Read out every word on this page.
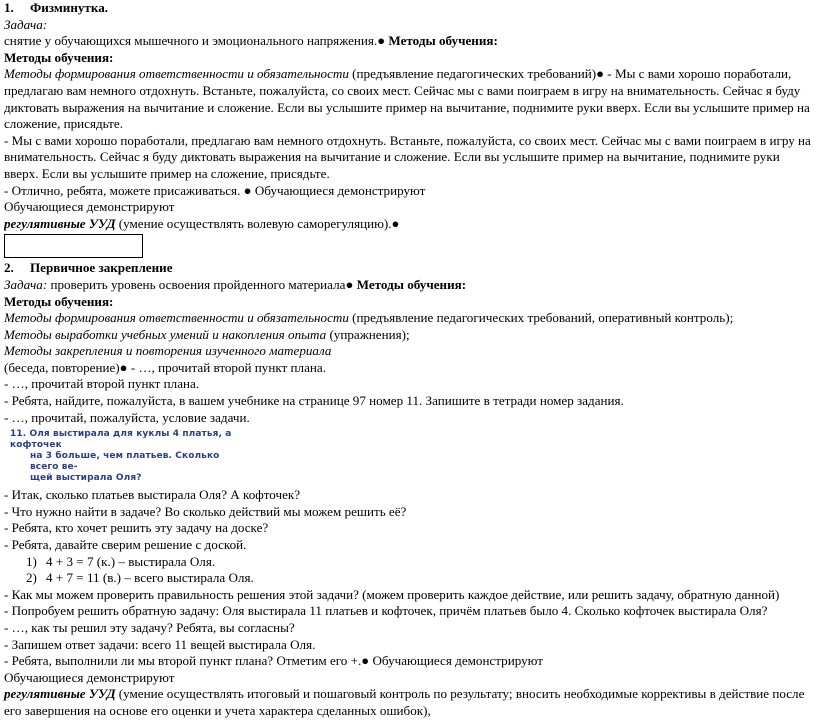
1. Физминутка.
Задача:
снятие у обучающихся мышечного и эмоционального напряжения.● Методы обучения:
Методы обучения:
Методы формирования ответственности и обязательности (предъявление педагогических требований)● - Мы с вами хорошо поработали, предлагаю вам немного отдохнуть. Встаньте, пожалуйста, со своих мест. Сейчас мы с вами поиграем в игру на внимательность. Сейчас я буду диктовать выражения на вычитание и сложение. Если вы услышите пример на вычитание, поднимите руки вверх. Если вы услышите пример на сложение, присядьте.
- Мы с вами хорошо поработали, предлагаю вам немного отдохнуть. Встаньте, пожалуйста, со своих мест. Сейчас мы с вами поиграем в игру на внимательность. Сейчас я буду диктовать выражения на вычитание и сложение. Если вы услышите пример на вычитание, поднимите руки вверх. Если вы услышите пример на сложение, присядьте.
- Отлично, ребята, можете присаживаться. ● Обучающиеся демонстрируют
Обучающиеся демонстрируют
регулятивные УУД (умение осуществлять волевую саморегуляцию).●
2. Первичное закрепление
Задача: проверить уровень освоения пройденного материала● Методы обучения:
Методы обучения:
Методы формирования ответственности и обязательности (предъявление педагогических требований, оперативный контроль);
Методы выработки учебных умений и накопления опыта (упражнения);
Методы закрепления и повторения изученного материала
(беседа, повторение)● - …, прочитай второй пункт плана.
- …, прочитай второй пункт плана.
- Ребята, найдите, пожалуйста, в вашем учебнике на странице 97 номер 11. Запишите в тетради номер задания.
- …, прочитай, пожалуйста, условие задачи.
11. Оля выстирала для куклы 4 платья, а кофточек
на 3 больше, чем платьев. Сколько всего ве-
щей выстирала Оля?
- Итак, сколько платьев выстирала Оля? А кофточек?
- Что нужно найти в задаче? Во сколько действий мы можем решить её?
- Ребята, кто хочет решить эту задачу на доске?
- Ребята, давайте сверим решение с доской.
1) 4 + 3 = 7 (к.) – выстирала Оля.
2) 4 + 7 = 11 (в.) – всего выстирала Оля.
- Как мы можем проверить правильность решения этой задачи? (можем проверить каждое действие, или решить задачу, обратную данной)
- Попробуем решить обратную задачу: Оля выстирала 11 платьев и кофточек, причём платьев было 4. Сколько кофточек выстирала Оля?
- …, как ты решил эту задачу? Ребята, вы согласны?
- Запишем ответ задачи: всего 11 вещей выстирала Оля.
- Ребята, выполнили ли мы второй пункт плана? Отметим его +.● Обучающиеся демонстрируют
Обучающиеся демонстрируют
регулятивные УУД (умение осуществлять итоговый и пошаговый контроль по результату; вносить необходимые коррективы в действие после его завершения на основе его оценки и учета характера сделанных ошибок),
